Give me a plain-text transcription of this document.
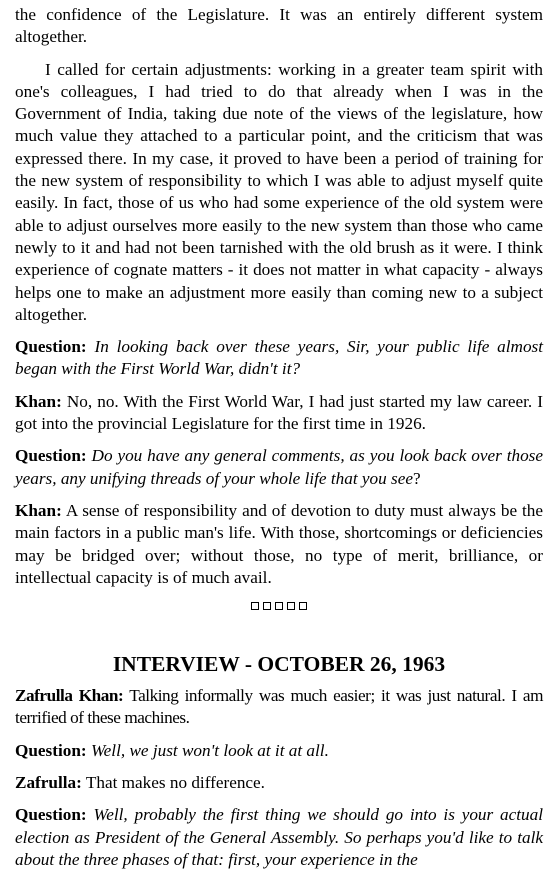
the confidence of the Legislature. It was an entirely different system altogether.

I called for certain adjustments: working in a greater team spirit with one's colleagues, I had tried to do that already when I was in the Government of India, taking due note of the views of the legislature, how much value they attached to a particular point, and the criticism that was expressed there. In my case, it proved to have been a period of training for the new system of responsibility to which I was able to adjust myself quite easily. In fact, those of us who had some experience of the old system were able to adjust ourselves more easily to the new system than those who came newly to it and had not been tarnished with the old brush as it were. I think experience of cognate matters - it does not matter in what capacity - always helps one to make an adjustment more easily than coming new to a subject altogether.

Question: In looking back over these years, Sir, your public life almost began with the First World War, didn't it?

Khan: No, no. With the First World War, I had just started my law career. I got into the provincial Legislature for the first time in 1926.

Question: Do you have any general comments, as you look back over those years, any unifying threads of your whole life that you see?

Khan: A sense of responsibility and of devotion to duty must always be the main factors in a public man's life. With those, shortcomings or deficiencies may be bridged over; without those, no type of merit, brilliance, or intellectual capacity is of much avail.

INTERVIEW - OCTOBER 26, 1963

Zafrulla Khan: Talking informally was much easier; it was just natural. I am terrified of these machines.

Question: Well, we just won't look at it at all.

Zafrulla: That makes no difference.

Question: Well, probably the first thing we should go into is your actual election as President of the General Assembly. So perhaps you'd like to talk about the three phases of that: first, your experience in the
